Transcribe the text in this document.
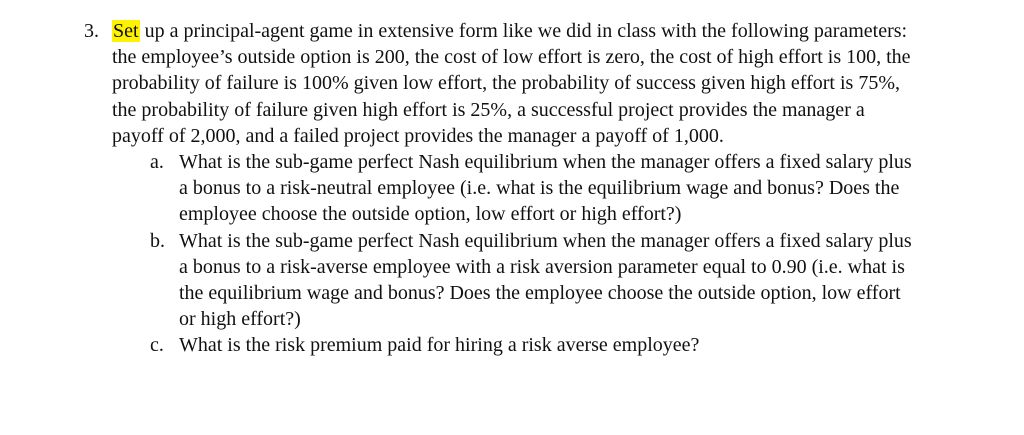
3. Set up a principal-agent game in extensive form like we did in class with the following parameters: the employee’s outside option is 200, the cost of low effort is zero, the cost of high effort is 100, the probability of failure is 100% given low effort, the probability of success given high effort is 75%, the probability of failure given high effort is 25%, a successful project provides the manager a payoff of 2,000, and a failed project provides the manager a payoff of 1,000.
a. What is the sub-game perfect Nash equilibrium when the manager offers a fixed salary plus a bonus to a risk-neutral employee (i.e. what is the equilibrium wage and bonus? Does the employee choose the outside option, low effort or high effort?)
b. What is the sub-game perfect Nash equilibrium when the manager offers a fixed salary plus a bonus to a risk-averse employee with a risk aversion parameter equal to 0.90 (i.e. what is the equilibrium wage and bonus? Does the employee choose the outside option, low effort or high effort?)
c. What is the risk premium paid for hiring a risk averse employee?
